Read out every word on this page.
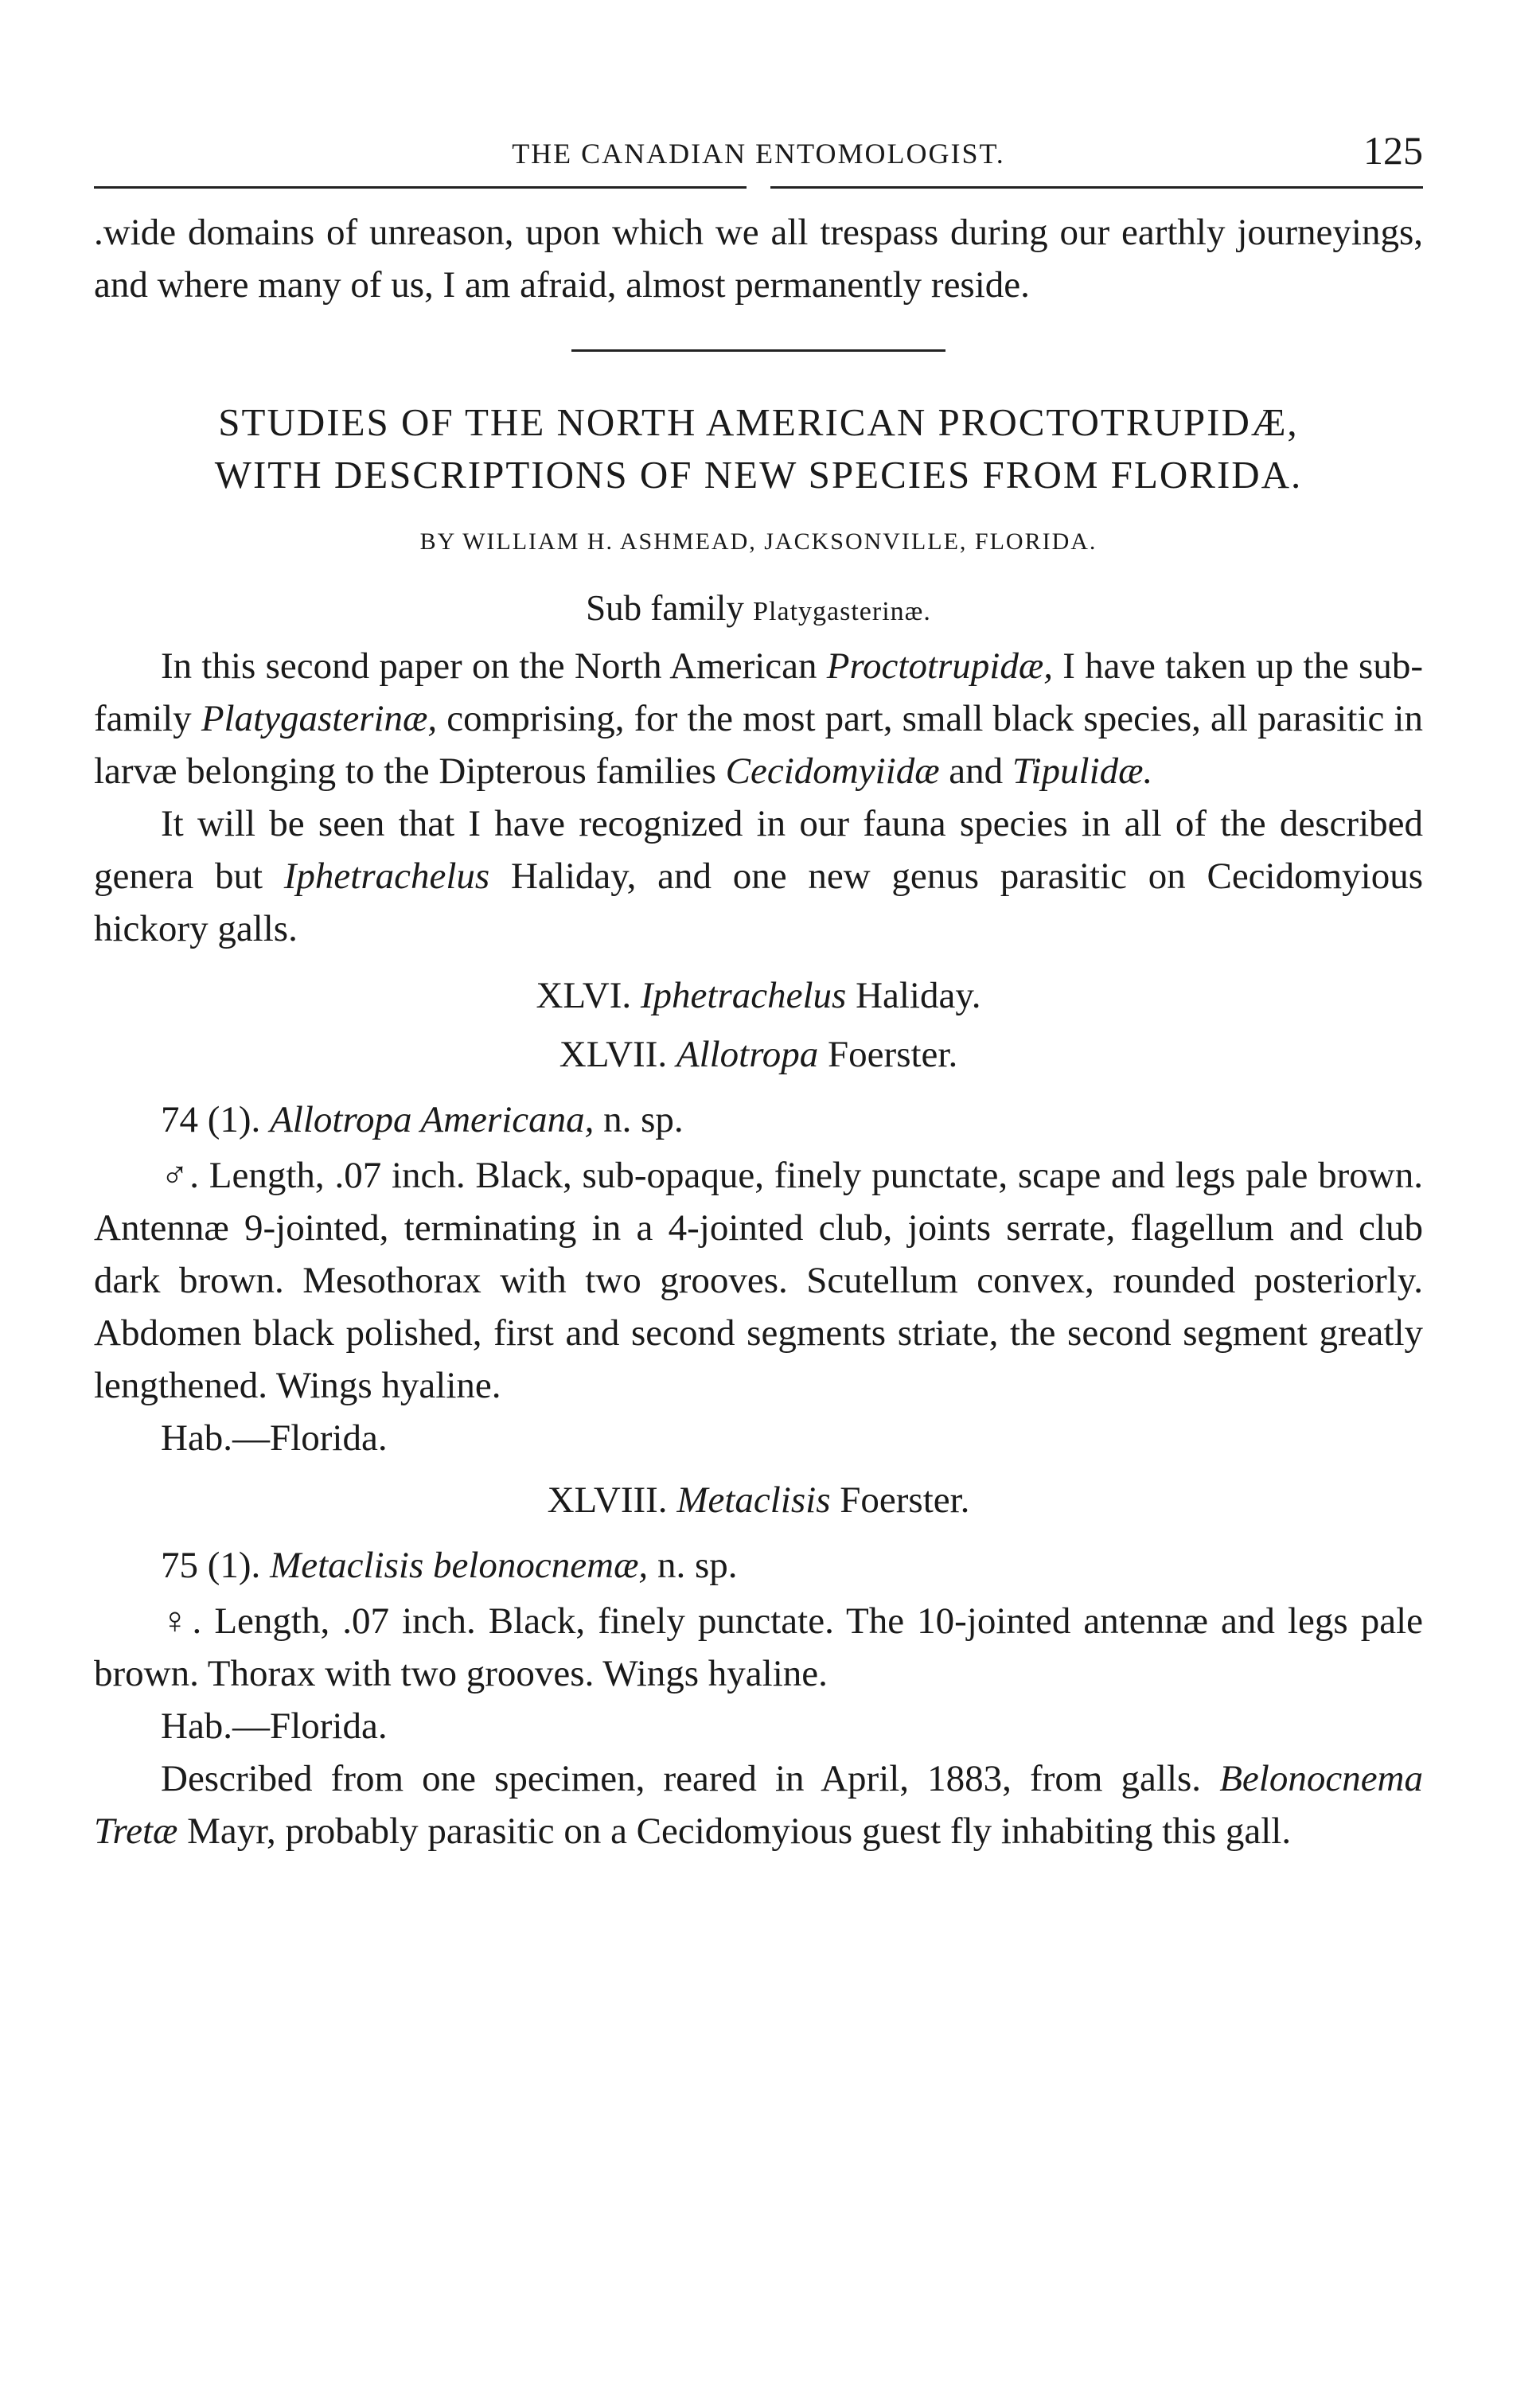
THE CANADIAN ENTOMOLOGIST.	125

.wide domains of unreason, upon which we all trespass during our earthly journeyings, and where many of us, I am afraid, almost permanently reside.

STUDIES OF THE NORTH AMERICAN PROCTOTRUPIDÆ,
WITH DESCRIPTIONS OF NEW SPECIES FROM FLORIDA.
BY WILLIAM H. ASHMEAD, JACKSONVILLE, FLORIDA.
Sub family Platygasterinæ.

In this second paper on the North American Proctotrupidæ, I have taken up the sub-family Platygasterinæ, comprising, for the most part, small black species, all parasitic in larvæ belonging to the Dipterous families Cecidomyiidæ and Tipulidæ.

It will be seen that I have recognized in our fauna species in all of the described genera but Iphetrachelus Haliday, and one new genus parasitic on Cecidomyious hickory galls.

XLVI. Iphetrachelus Haliday.
XLVII. Allotropa Foerster.
74 (1). Allotropa Americana, n. sp.

♂. Length, .07 inch. Black, sub-opaque, finely punctate, scape and legs pale brown. Antennæ 9-jointed, terminating in a 4-jointed club, joints serrate, flagellum and club dark brown. Mesothorax with two grooves. Scutellum convex, rounded posteriorly. Abdomen black polished, first and second segments striate, the second segment greatly lengthened. Wings hyaline.

Hab.—Florida.
XLVIII. Metaclisis Foerster.
75 (1). Metaclisis belonocnemæ, n. sp.

♀. Length, .07 inch. Black, finely punctate. The 10-jointed antennæ and legs pale brown. Thorax with two grooves. Wings hyaline.

Hab.—Florida.

Described from one specimen, reared in April, 1883, from galls. Belonocnema Tretæ Mayr, probably parasitic on a Cecidomyious guest fly inhabiting this gall.
